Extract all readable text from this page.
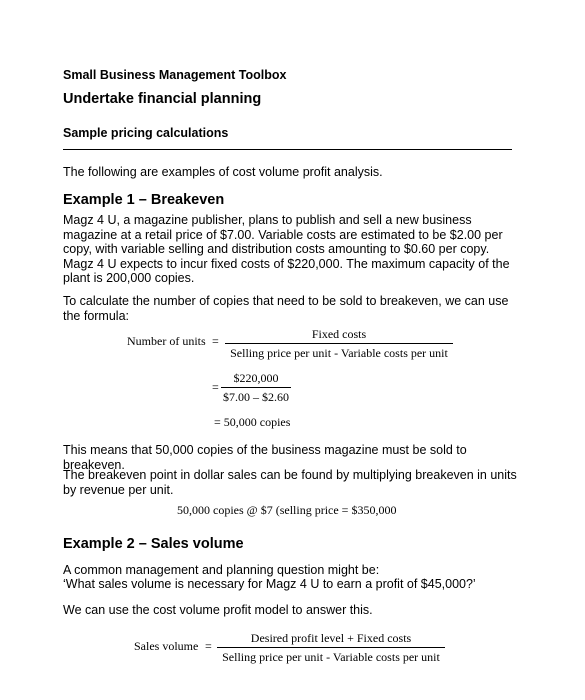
Small Business Management Toolbox
Undertake financial planning
Sample pricing calculations
The following are examples of cost volume profit analysis.
Example 1 – Breakeven
Magz 4 U, a magazine publisher, plans to publish and sell a new business magazine at a retail price of $7.00. Variable costs are estimated to be $2.00 per copy, with variable selling and distribution costs amounting to $0.60 per copy. Magz 4 U expects to incur fixed costs of $220,000. The maximum capacity of the plant is 200,000 copies.
To calculate the number of copies that need to be sold to breakeven, we can use the formula:
Number of units =	Fixed costs
Selling price per unit - Variable costs per unit
= $\frac{\$220,000}{\$7.00 - \$2.60}$
= 50,000 copies
This means that 50,000 copies of the business magazine must be sold to breakeven.
The breakeven point in dollar sales can be found by multiplying breakeven in units by revenue per unit.
50,000 copies @ $7 (selling price = $350,000
Example 2 – Sales volume
A common management and planning question might be:
‘What sales volume is necessary for Magz 4 U to earn a profit of $45,000?’
We can use the cost volume profit model to answer this.
Sales volume =
Desired profit level + Fixed costs
Selling price per unit - Variable costs per unit
